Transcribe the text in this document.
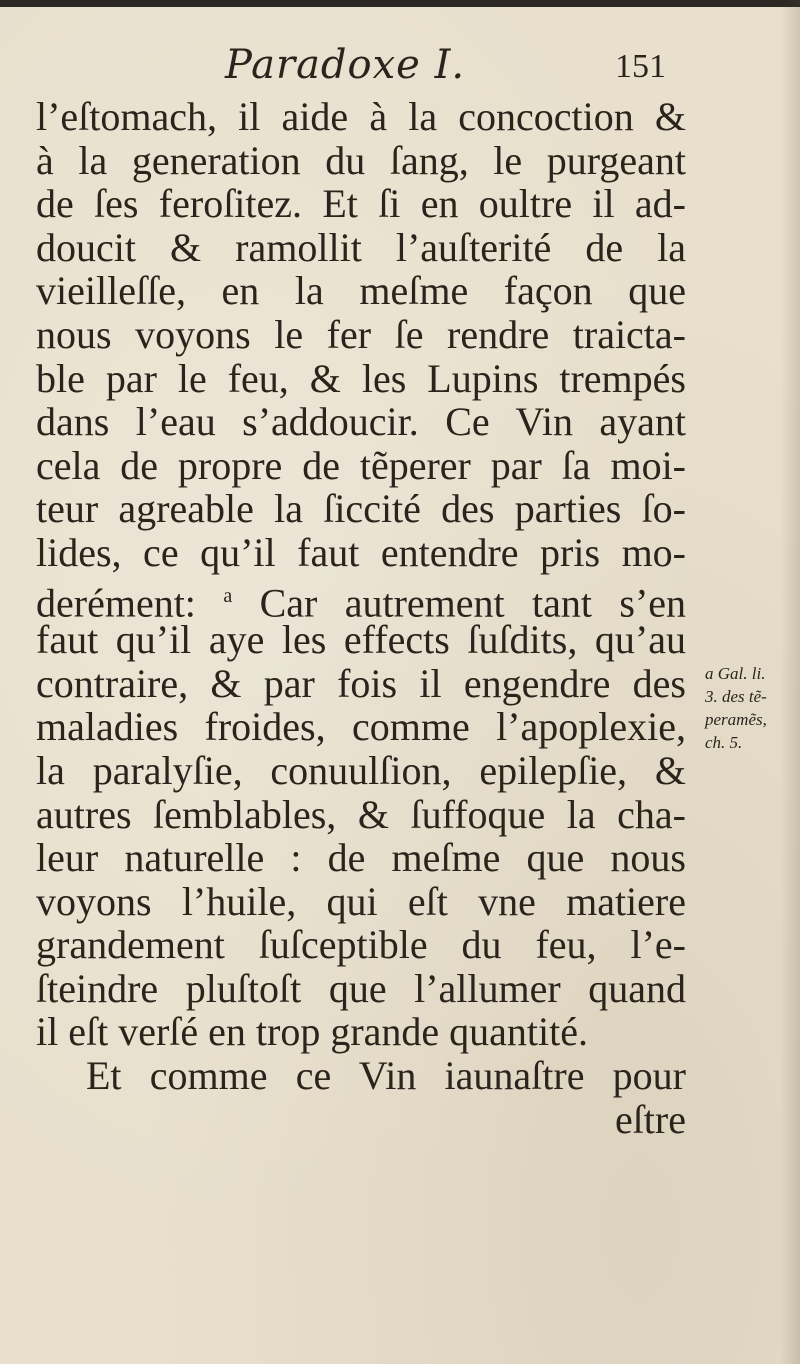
Paradoxe I.	151
l’eſtomach, il aide à la concoction &
à la generation du ſang, le purgeant
de ſes feroſitez. Et ſi en oultre il ad-
doucit & ramollit l’auſterité de la
vieilleſſe, en la meſme façon que
nous voyons le fer ſe rendre traicta-
ble par le feu, & les Lupins trempés
dans l’eau s’addoucir. Ce Vin ayant
cela de propre de tẽperer par ſa moi-
teur agreable la ſiccité des parties ſo-
lides, ce qu’il faut entendre pris mo-
derément: $^a$ Car autrement tant s’en
faut qu’il aye les effects ſuſdits, qu’au
contraire, & par fois il engendre des
maladies froides, comme l’apoplexie,
la paralyſie, conuulſion, epilepſie, &
autres ſemblables, & ſuffoque la cha-
leur naturelle : de meſme que nous
voyons l’huile, qui eſt vne matiere
grandement ſuſceptible du feu, l’e-
ſteindre pluſtoſt que l’allumer quand
il eſt verſé en trop grande quantité.
Et comme ce Vin iaunaſtre pour
eſtre
a Gal. li.
3. des tẽ-
peramẽs,
ch. 5.
